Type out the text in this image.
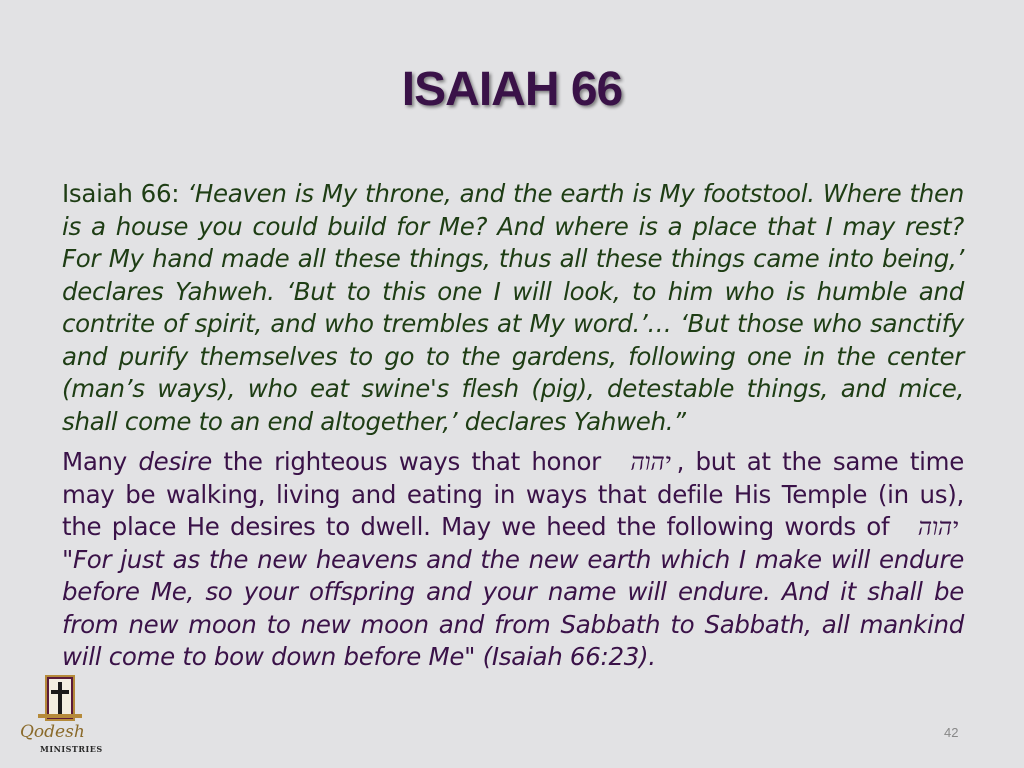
ISAIAH 66

Isaiah 66: ‘Heaven is My throne, and the earth is My footstool. Where then is a house you could build for Me? And where is a place that I may rest? For My hand made all these things, thus all these things came into being,’ declares Yahweh. ‘But to this one I will look, to him who is humble and contrite of spirit, and who trembles at My word.’… ‘But those who sanctify and purify themselves to go to the gardens, following one in the center (man’s ways), who eat swine's flesh (pig), detestable things, and mice, shall come to an end altogether,’ declares Yahweh.”

Many desire the righteous ways that honor יהוה , but at the same time may be walking, living and eating in ways that defile His Temple (in us), the place He desires to dwell. May we heed the following words of יהוה "For just as the new heavens and the new earth which I make will endure before Me, so your offspring and your name will endure. And it shall be from new moon to new moon and from Sabbath to Sabbath, all mankind will come to bow down before Me" (Isaiah 66:23).

Qodesh
MINISTRIES
42
